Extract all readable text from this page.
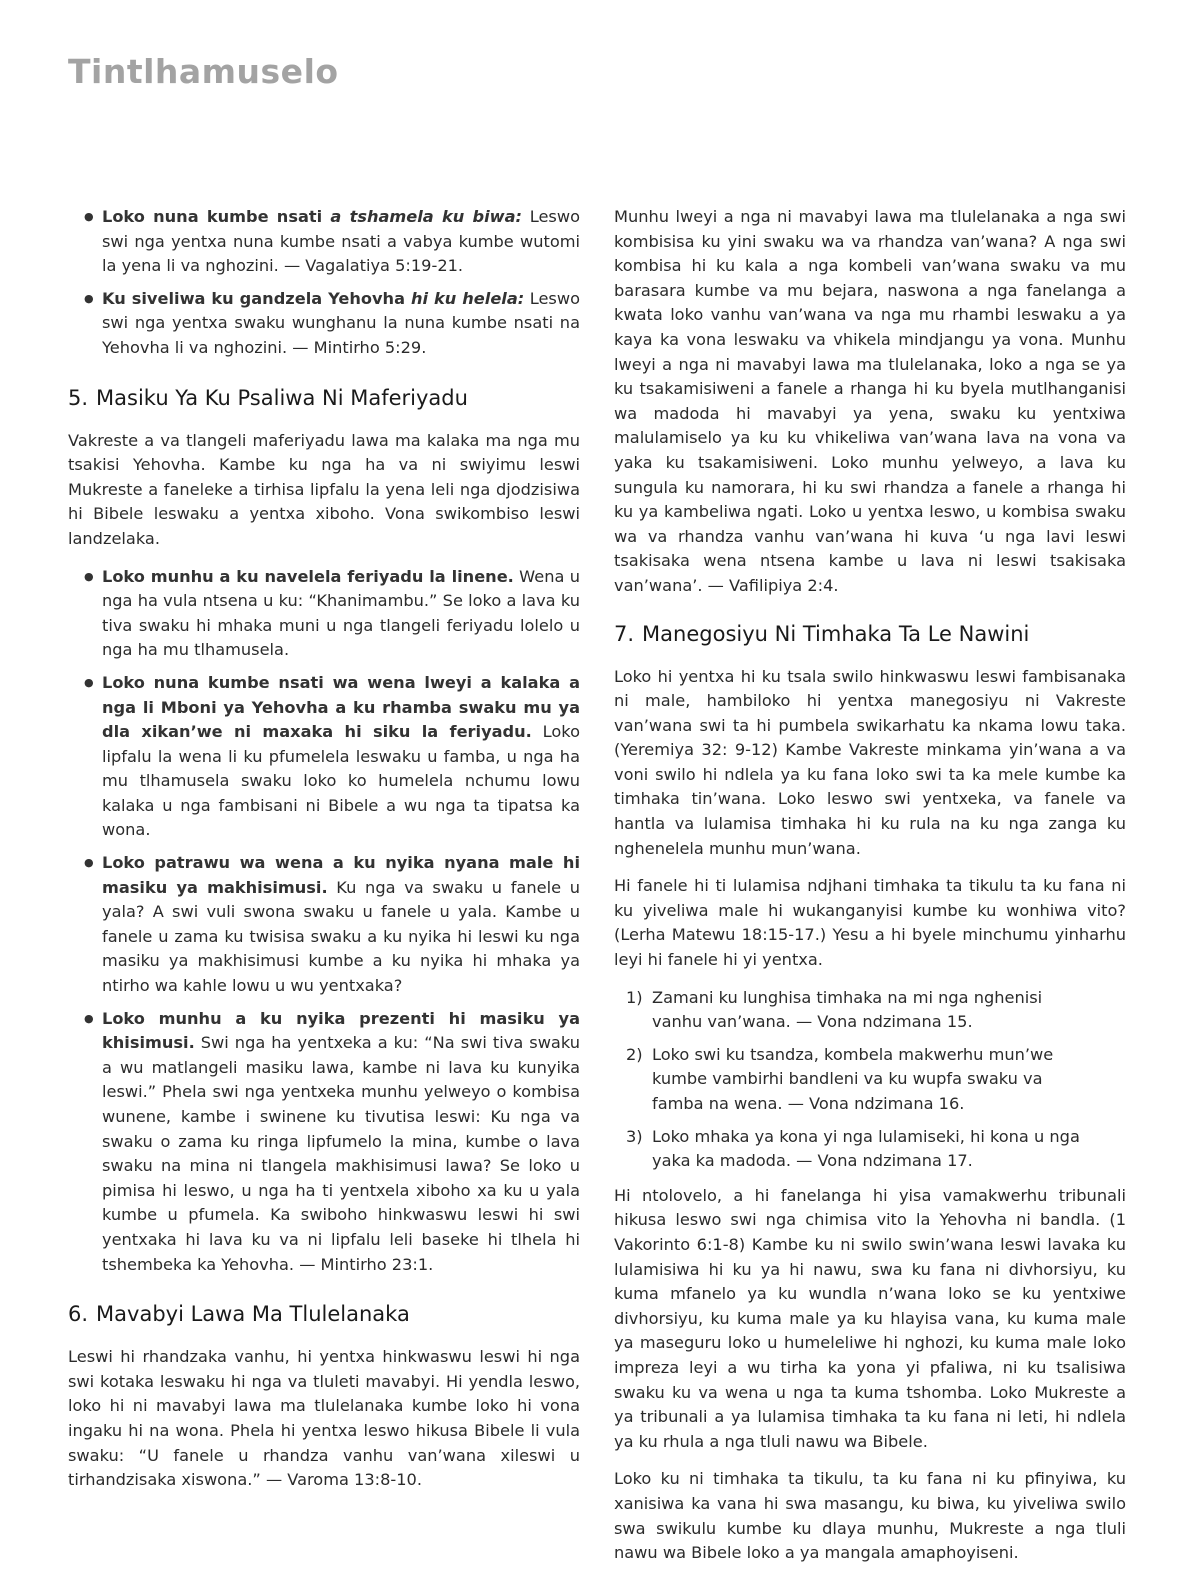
Tintlhamuselo
● Loko nuna kumbe nsati a tshamela ku biwa: Leswo swi nga yentxa nuna kumbe nsati a vabya kumbe wutomi la yena li va nghozini. — Vagalatiya 5:19-21.
● Ku siveliwa ku gandzela Yehovha hi ku helela: Leswo swi nga yentxa swaku wunghanu la nuna kumbe nsati na Yehovha li va nghozini. — Mintirho 5:29.
5. Masiku Ya Ku Psaliwa Ni Maferiyadu

Vakreste a va tlangeli maferiyadu lawa ma kalaka ma nga mu tsakisi Yehovha. Kambe ku nga ha va ni swiyimu leswi Mukreste a faneleke a tirhisa lipfalu la yena leli nga djodzisiwa hi Bibele leswaku a yentxa xiboho. Vona swikombiso leswi landzelaka.

● Loko munhu a ku navelela feriyadu la linene. Wena u nga ha vula ntsena u ku: “Khanimambu.” Se loko a lava ku tiva swaku hi mhaka muni u nga tlangeli feriyadu lolelo u nga ha mu tlhamusela.
● Loko nuna kumbe nsati wa wena lweyi a kalaka a nga li Mboni ya Yehovha a ku rhamba swaku mu ya dla xikan’we ni maxaka hi siku la feriyadu. Loko lipfalu la wena li ku pfumelela leswaku u famba, u nga ha mu tlhamusela swaku loko ko humelela nchumu lowu kalaka u nga fambisani ni Bibele a wu nga ta tipatsa ka wona.
● Loko patrawu wa wena a ku nyika nyana male hi masiku ya makhisimusi. Ku nga va swaku u fanele u yala? A swi vuli swona swaku u fanele u yala. Kambe u fanele u zama ku twisisa swaku a ku nyika hi leswi ku nga masiku ya makhisimusi kumbe a ku nyika hi mhaka ya ntirho wa kahle lowu u wu yentxaka?
● Loko munhu a ku nyika prezenti hi masiku ya khisimusi. Swi nga ha yentxeka a ku: “Na swi tiva swaku a wu matlangeli masiku lawa, kambe ni lava ku kunyika leswi.” Phela swi nga yentxeka munhu yelweyo o kombisa wunene, kambe i swinene ku tivutisa leswi: Ku nga va swaku o zama ku ringa lipfumelo la mina, kumbe o lava swaku na mina ni tlangela makhisimusi lawa? Se loko u pimisa hi leswo, u nga ha ti yentxela xiboho xa ku u yala kumbe u pfumela. Ka swiboho hinkwaswu leswi hi swi yentxaka hi lava ku va ni lipfalu leli baseke hi tlhela hi tshembeka ka Yehovha. — Mintirho 23:1.
6. Mavabyi Lawa Ma Tlulelanaka

Leswi hi rhandzaka vanhu, hi yentxa hinkwaswu leswi hi nga swi kotaka leswaku hi nga va tluleti mavabyi. Hi yendla leswo, loko hi ni mavabyi lawa ma tlulelanaka kumbe loko hi vona ingaku hi na wona. Phela hi yentxa leswo hikusa Bibele li vula swaku: “U fanele u rhandza vanhu van’wana xileswi u tirhandzisaka xiswona.” — Varoma 13:8-10.

Munhu lweyi a nga ni mavabyi lawa ma tlulelanaka a nga swi kombisisa ku yini swaku wa va rhandza van’wana? A nga swi kombisa hi ku kala a nga kombeli van’wana swaku va mu barasara kumbe va mu bejara, naswona a nga fanelanga a kwata loko vanhu van’wana va nga mu rhambi leswaku a ya kaya ka vona leswaku va vhikela mindjangu ya vona. Munhu lweyi a nga ni mavabyi lawa ma tlulelanaka, loko a nga se ya ku tsakamisiweni a fanele a rhanga hi ku byela mutlhanganisi wa madoda hi mavabyi ya yena, swaku ku yentxiwa malulamiselo ya ku ku vhikeliwa van’wana lava na vona va yaka ku tsakamisiweni. Loko munhu yelweyo, a lava ku sungula ku namorara, hi ku swi rhandza a fanele a rhanga hi ku ya kambeliwa ngati. Loko u yentxa leswo, u kombisa swaku wa va rhandza vanhu van’wana hi kuva ‘u nga lavi leswi tsakisaka wena ntsena kambe u lava ni leswi tsakisaka van’wana’. — Vafilipiya 2:4.

7. Manegosiyu Ni Timhaka Ta Le Nawini

Loko hi yentxa hi ku tsala swilo hinkwaswu leswi fambisanaka ni male, hambiloko hi yentxa manegosiyu ni Vakreste van’wana swi ta hi pumbela swikarhatu ka nkama lowu taka. (Yeremiya 32: 9-12) Kambe Vakreste minkama yin’wana a va voni swilo hi ndlela ya ku fana loko swi ta ka mele kumbe ka timhaka tin’wana. Loko leswo swi yentxeka, va fanele va hantla va lulamisa timhaka hi ku rula na ku nga zanga ku nghenelela munhu mun’wana.

Hi fanele hi ti lulamisa ndjhani timhaka ta tikulu ta ku fana ni ku yiveliwa male hi wukanganyisi kumbe ku wonhiwa vito? (Lerha Matewu 18:15-17.) Yesu a hi byele minchumu yinharhu leyi hi fanele hi yi yentxa.

1) Zamani ku lunghisa timhaka na mi nga nghenisi vanhu van’wana. — Vona ndzimana 15.
2) Loko swi ku tsandza, kombela makwerhu mun’we kumbe vambirhi bandleni va ku wupfa swaku va famba na wena. — Vona ndzimana 16.
3) Loko mhaka ya kona yi nga lulamiseki, hi kona u nga yaka ka madoda. — Vona ndzimana 17.

Hi ntolovelo, a hi fanelanga hi yisa vamakwerhu tribunali hikusa leswo swi nga chimisa vito la Yehovha ni bandla. (1 Vakorinto 6:1-8) Kambe ku ni swilo swin’wana leswi lavaka ku lulamisiwa hi ku ya hi nawu, swa ku fana ni divhorsiyu, ku kuma mfanelo ya ku wundla n’wana loko se ku yentxiwe divhorsiyu, ku kuma male ya ku hlayisa vana, ku kuma male ya maseguru loko u humeleliwe hi nghozi, ku kuma male loko impreza leyi a wu tirha ka yona yi pfaliwa, ni ku tsalisiwa swaku ku va wena u nga ta kuma tshomba. Loko Mukreste a ya tribunali a ya lulamisa timhaka ta ku fana ni leti, hi ndlela ya ku rhula a nga tluli nawu wa Bibele.

Loko ku ni timhaka ta tikulu, ta ku fana ni ku pfinyiwa, ku xanisiwa ka vana hi swa masangu, ku biwa, ku yiveliwa swilo swa swikulu kumbe ku dlaya munhu, Mukreste a nga tluli nawu wa Bibele loko a ya mangala amaphoyiseni.
